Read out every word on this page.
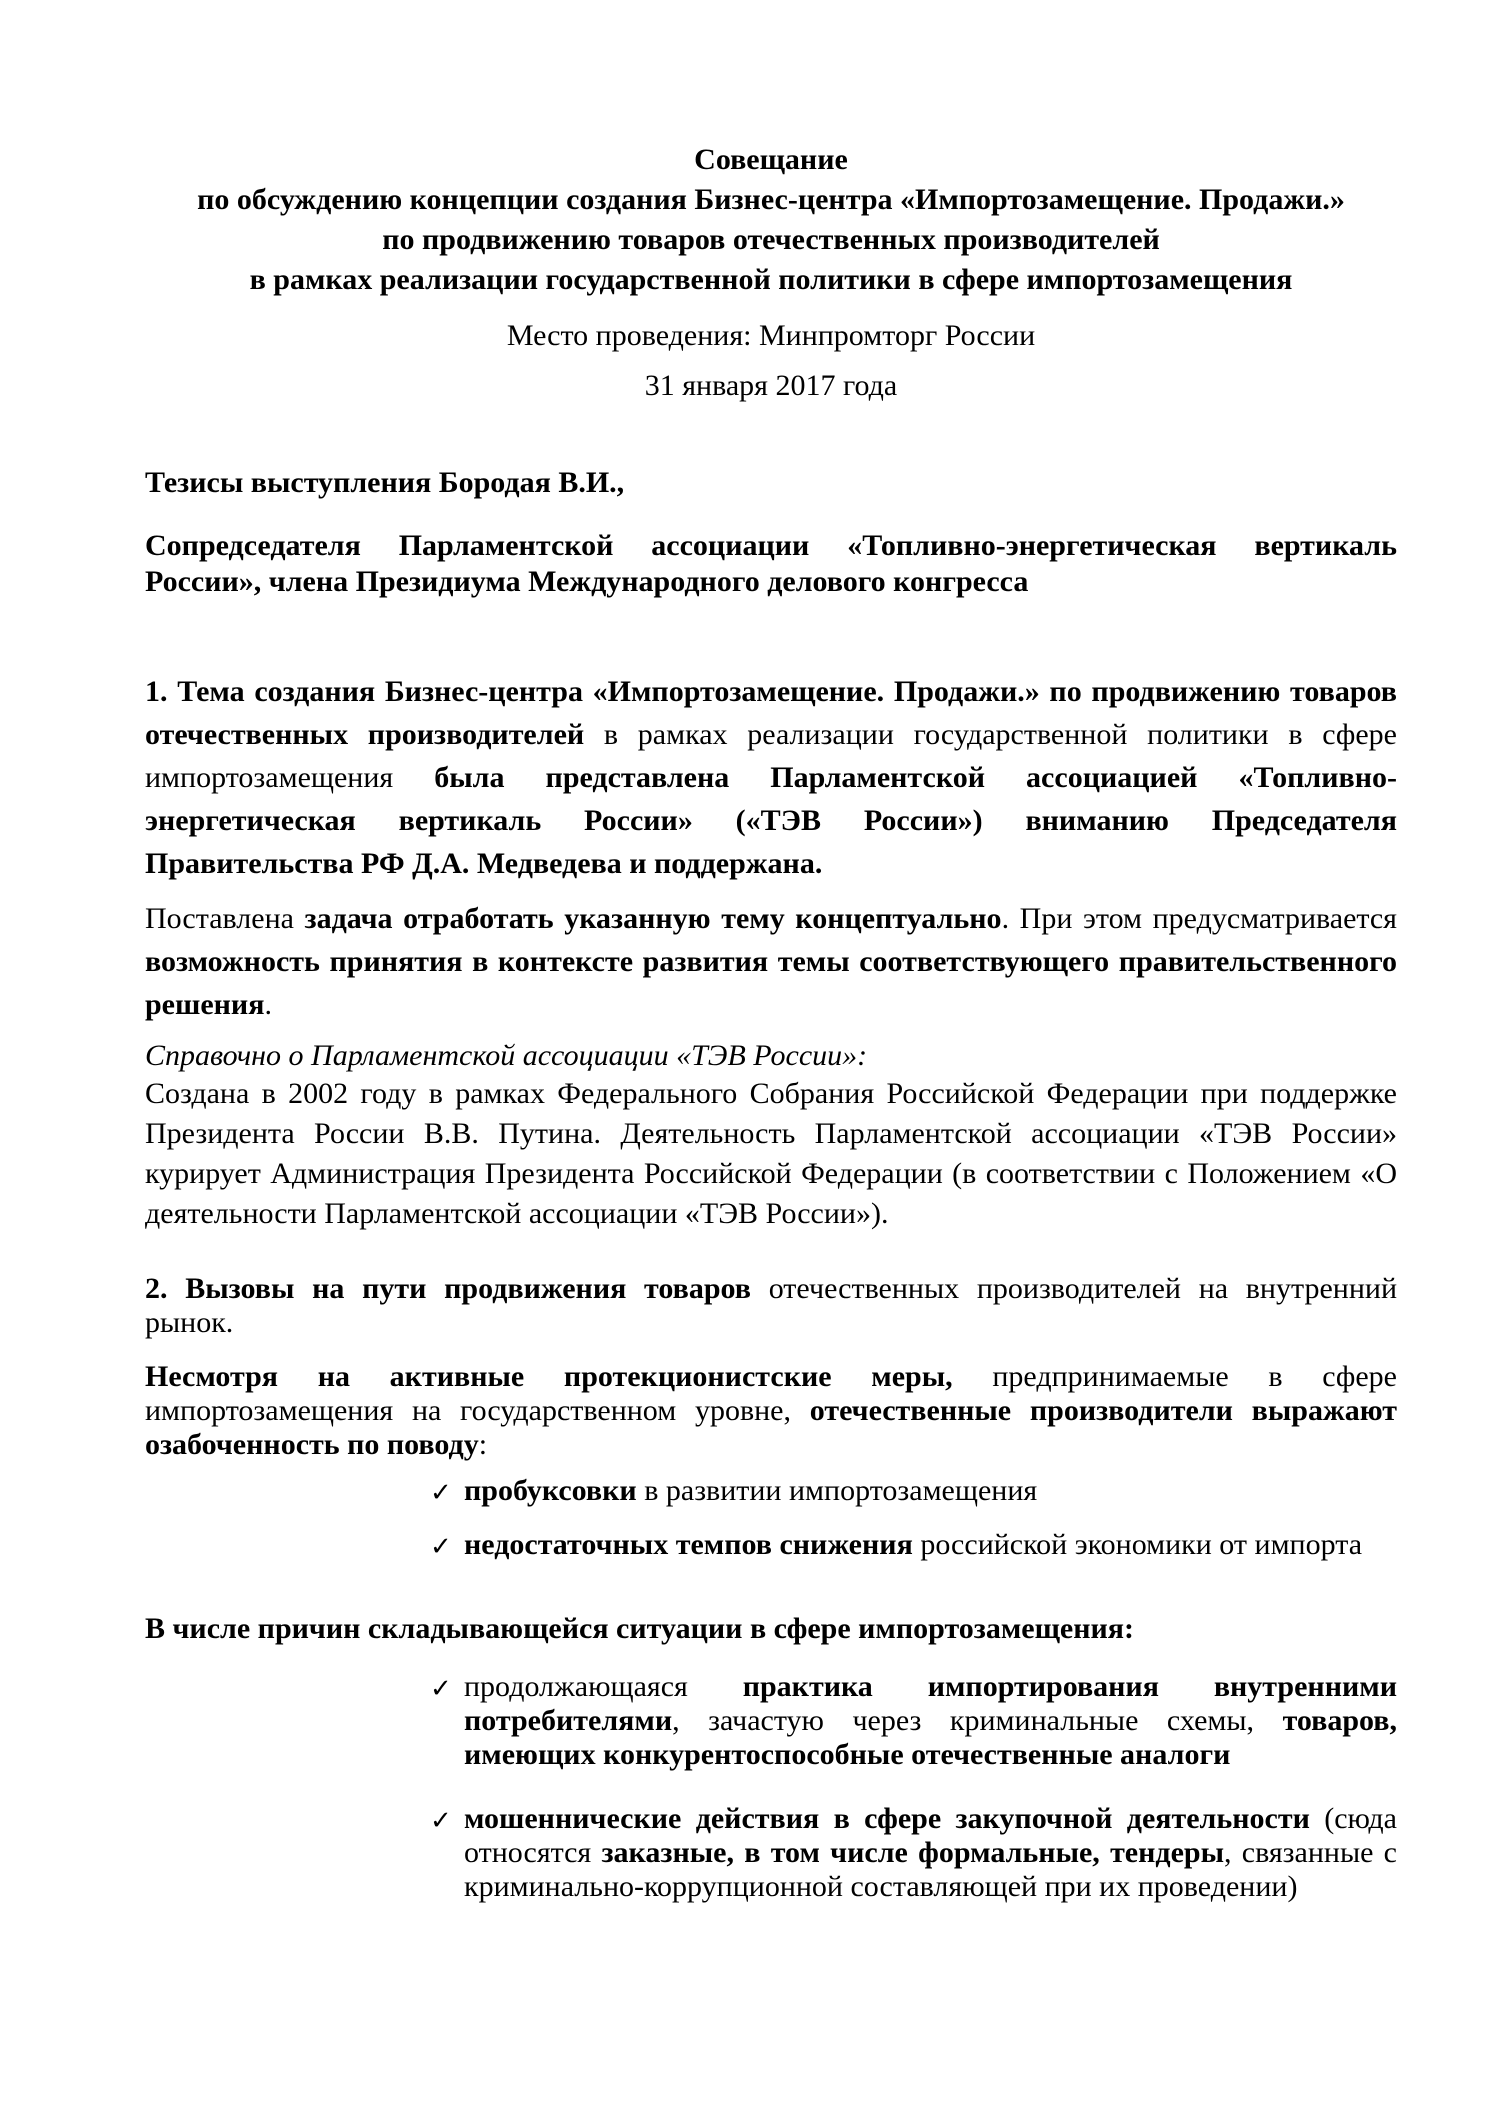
Совещание
по обсуждению концепции создания Бизнес-центра «Импортозамещение. Продажи.»
по продвижению товаров отечественных производителей
в рамках реализации государственной политики в сфере импортозамещения
Место проведения: Минпромторг России
31 января 2017 года
Тезисы выступления Бородая В.И.,
Сопредседателя Парламентской ассоциации «Топливно-энергетическая вертикаль России», члена Президиума Международного делового конгресса

1. Тема создания Бизнес-центра «Импортозамещение. Продажи.» по продвижению товаров отечественных производителей в рамках реализации государственной политики в сфере импортозамещения была представлена Парламентской ассоциацией «Топливно-энергетическая вертикаль России» («ТЭВ России») вниманию Председателя Правительства РФ Д.А. Медведева и поддержана.

Поставлена задача отработать указанную тему концептуально. При этом предусматривается возможность принятия в контексте развития темы соответствующего правительственного решения.

Справочно о Парламентской ассоциации «ТЭВ России»:

Создана в 2002 году в рамках Федерального Собрания Российской Федерации при поддержке Президента России В.В. Путина. Деятельность Парламентской ассоциации «ТЭВ России» курирует Администрация Президента Российской Федерации (в соответствии с Положением «О деятельности Парламентской ассоциации «ТЭВ России»).

2. Вызовы на пути продвижения товаров отечественных производителей на внутренний рынок.

Несмотря на активные протекционистские меры, предпринимаемые в сфере импортозамещения на государственном уровне, отечественные производители выражают озабоченность по поводу:

✓ пробуксовки в развитии импортозамещения
✓ недостаточных темпов снижения российской экономики от импорта
В числе причин складывающейся ситуации в сфере импортозамещения:
✓ продолжающаяся практика импортирования внутренними потребителями, зачастую через криминальные схемы, товаров, имеющих конкурентоспособные отечественные аналоги
✓ мошеннические действия в сфере закупочной деятельности (сюда относятся заказные, в том числе формальные, тендеры, связанные с криминально-коррупционной составляющей при их проведении)
